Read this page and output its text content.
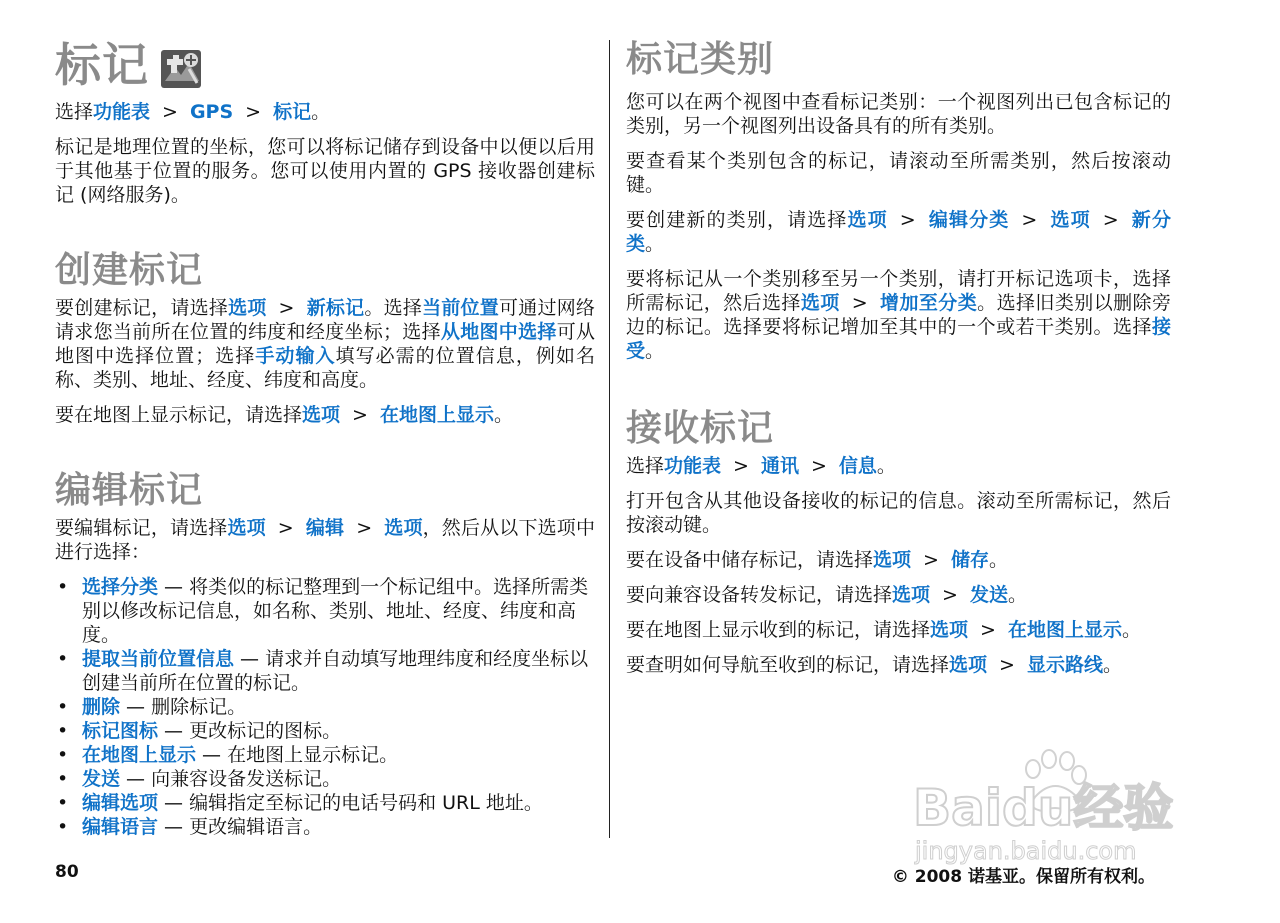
标记

选择功能表 > GPS > 标记。

标记是地理位置的坐标，您可以将标记储存到设备中以便以后用于其他基于位置的服务。您可以使用内置的 GPS 接收器创建标记 (网络服务)。

创建标记

要创建标记，请选择选项 > 新标记。选择当前位置可通过网络请求您当前所在位置的纬度和经度坐标；选择从地图中选择可从地图中选择位置；选择手动输入填写必需的位置信息，例如名称、类别、地址、经度、纬度和高度。

要在地图上显示标记，请选择选项 > 在地图上显示。

编辑标记

要编辑标记，请选择选项 > 编辑 > 选项，然后从以下选项中进行选择：

• 选择分类 — 将类似的标记整理到一个标记组中。选择所需类别以修改标记信息，如名称、类别、地址、经度、纬度和高度。
• 提取当前位置信息 — 请求并自动填写地理纬度和经度坐标以创建当前所在位置的标记。
• 删除 — 删除标记。
• 标记图标 — 更改标记的图标。
• 在地图上显示 — 在地图上显示标记。
• 发送 — 向兼容设备发送标记。
• 编辑选项 — 编辑指定至标记的电话号码和 URL 地址。
• 编辑语言 — 更改编辑语言。
标记类别

您可以在两个视图中查看标记类别：一个视图列出已包含标记的类别，另一个视图列出设备具有的所有类别。

要查看某个类别包含的标记，请滚动至所需类别，然后按滚动键。

要创建新的类别，请选择选项 > 编辑分类 > 选项 > 新分类。

要将标记从一个类别移至另一个类别，请打开标记选项卡，选择所需标记，然后选择选项 > 增加至分类。选择旧类别以删除旁边的标记。选择要将标记增加至其中的一个或若干类别。选择接受。

接收标记

选择功能表 > 通讯 > 信息。

打开包含从其他设备接收的标记的信息。滚动至所需标记，然后按滚动键。

要在设备中储存标记，请选择选项 > 储存。

要向兼容设备转发标记，请选择选项 > 发送。

要在地图上显示收到的标记，请选择选项 > 在地图上显示。

要查明如何导航至收到的标记，请选择选项 > 显示路线。

Baidu经验
jingyan.baidu.com
80	© 2008 诺基亚。保留所有权利。
